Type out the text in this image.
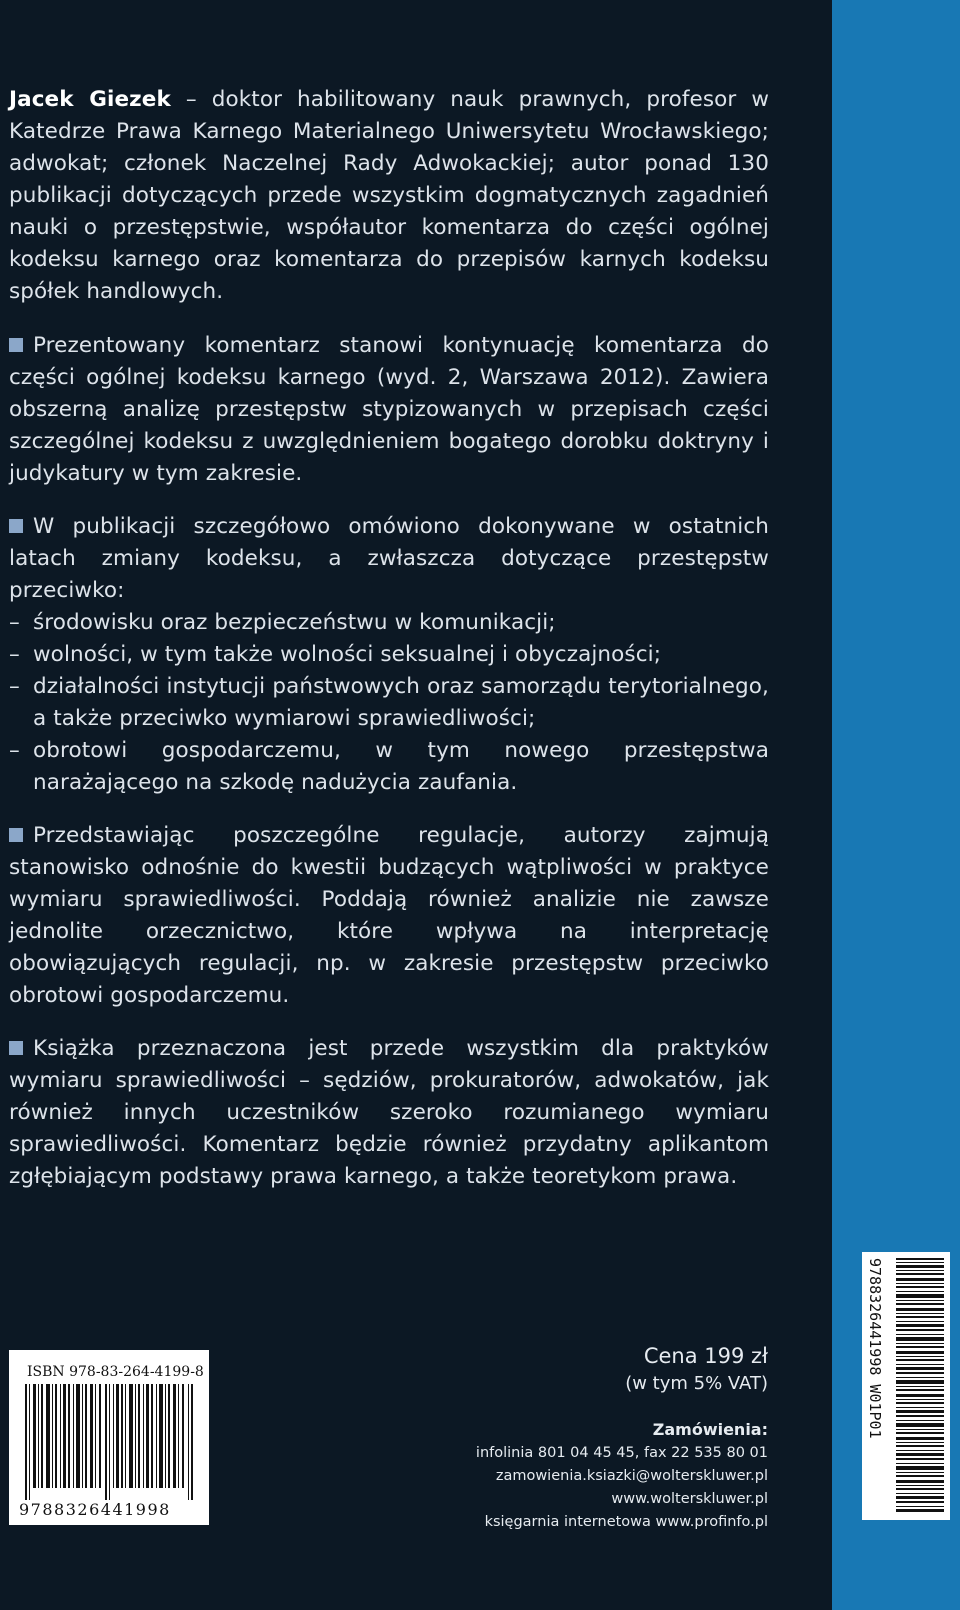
Jacek Giezek – doktor habilitowany nauk prawnych, profesor w Katedrze Prawa Karnego Materialnego Uniwersytetu Wrocławskiego; adwokat; członek Naczelnej Rady Adwokackiej; autor ponad 130 publikacji dotyczących przede wszystkim dogmatycznych zagadnień nauki o przestępstwie, współautor komentarza do części ogólnej kodeksu karnego oraz komentarza do przepisów karnych kodeksu spółek handlowych.

Prezentowany komentarz stanowi kontynuację komentarza do części ogólnej kodeksu karnego (wyd. 2, Warszawa 2012). Zawiera obszerną analizę przestępstw stypizowanych w przepisach części szczególnej kodeksu z uwzględnieniem bogatego dorobku doktryny i judykatury w tym zakresie.

W publikacji szczegółowo omówiono dokonywane w ostatnich latach zmiany kodeksu, a zwłaszcza dotyczące przestępstw przeciwko:

– środowisku oraz bezpieczeństwu w komunikacji;
– wolności, w tym także wolności seksualnej i obyczajności;
– działalności instytucji państwowych oraz samorządu terytorialnego, a także przeciwko wymiarowi sprawiedliwości;
– obrotowi gospodarczemu, w tym nowego przestępstwa narażającego na szkodę nadużycia zaufania.

Przedstawiając poszczególne regulacje, autorzy zajmują stanowisko odnośnie do kwestii budzących wątpliwości w praktyce wymiaru sprawiedliwości. Poddają również analizie nie zawsze jednolite orzecznictwo, które wpływa na interpretację obowiązujących regulacji, np. w zakresie przestępstw przeciwko obrotowi gospodarczemu.

Książka przeznaczona jest przede wszystkim dla praktyków wymiaru sprawiedliwości – sędziów, prokuratorów, adwokatów, jak również innych uczestników szeroko rozumianego wymiaru sprawiedliwości. Komentarz będzie również przydatny aplikantom zgłębiającym podstawy prawa karnego, a także teoretykom prawa.

ISBN 978-83-264-4199-8
9788326441998
Cena 199 zł
(w tym 5% VAT)
Zamówienia:
infolinia 801 04 45 45, fax 22 535 80 01
zamowienia.ksiazki@wolterskluwer.pl
www.wolterskluwer.pl
księgarnia internetowa www.profinfo.pl
9788326441998 W01P01
